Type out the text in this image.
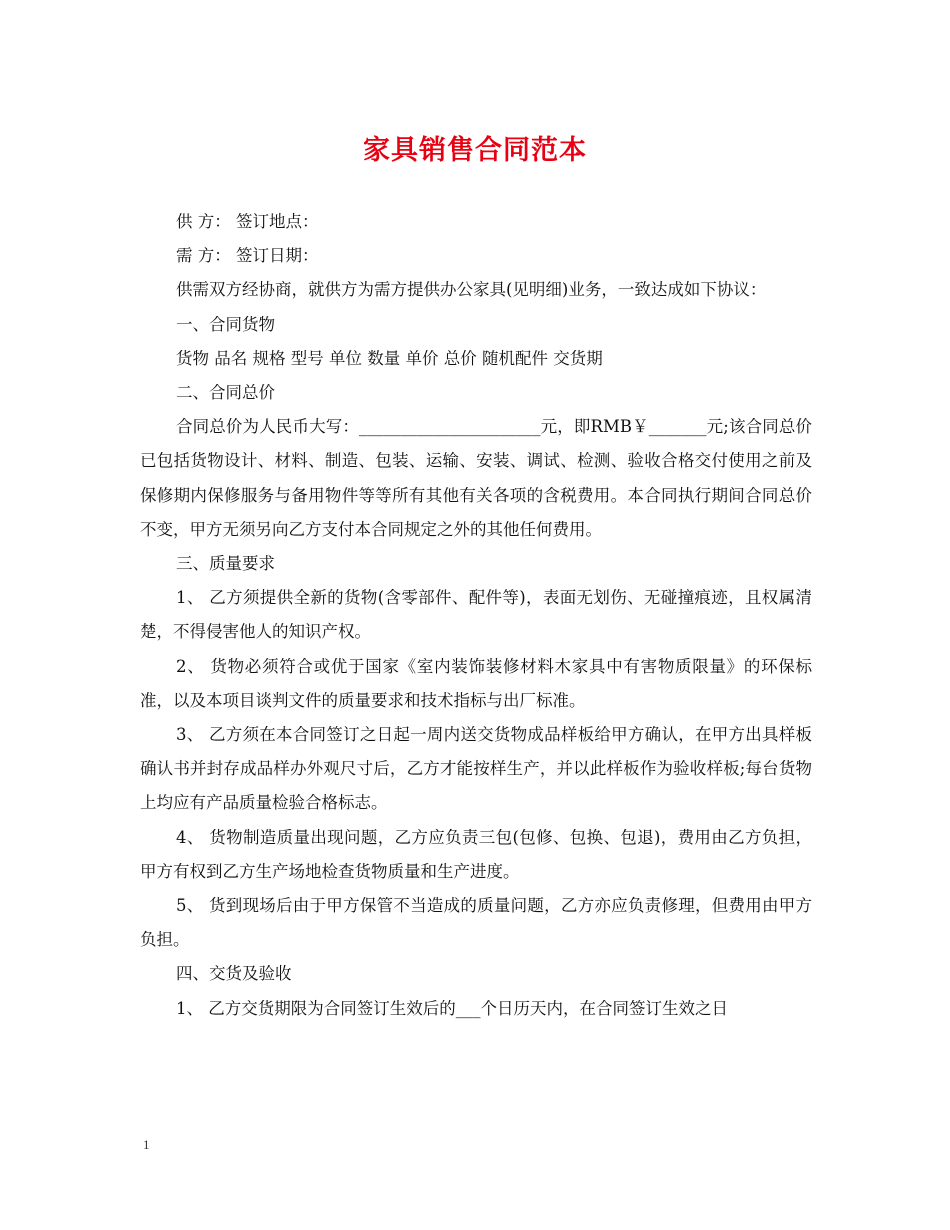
家具销售合同范本

供 方： 签订地点：

需 方： 签订日期：

供需双方经协商，就供方为需方提供办公家具(见明细)业务，一致达成如下协议：

一、合同货物

货物 品名 规格 型号 单位 数量 单价 总价 随机配件 交货期

二、合同总价

合同总价为人民币大写：______________________元，即RMB￥_______元;该合同总价已包括货物设计、材料、制造、包装、运输、安装、调试、检测、验收合格交付使用之前及保修期内保修服务与备用物件等等所有其他有关各项的含税费用。本合同执行期间合同总价不变，甲方无须另向乙方支付本合同规定之外的其他任何费用。

三、质量要求

1、 乙方须提供全新的货物(含零部件、配件等)，表面无划伤、无碰撞痕迹，且权属清楚，不得侵害他人的知识产权。

2、 货物必须符合或优于国家《室内装饰装修材料木家具中有害物质限量》的环保标准，以及本项目谈判文件的质量要求和技术指标与出厂标准。

3、 乙方须在本合同签订之日起一周内送交货物成品样板给甲方确认，在甲方出具样板确认书并封存成品样办外观尺寸后，乙方才能按样生产，并以此样板作为验收样板;每台货物上均应有产品质量检验合格标志。

4、 货物制造质量出现问题，乙方应负责三包(包修、包换、包退)，费用由乙方负担，甲方有权到乙方生产场地检查货物质量和生产进度。

5、 货到现场后由于甲方保管不当造成的质量问题，乙方亦应负责修理，但费用由甲方负担。

四、交货及验收

1、 乙方交货期限为合同签订生效后的___个日历天内，在合同签订生效之日

1
